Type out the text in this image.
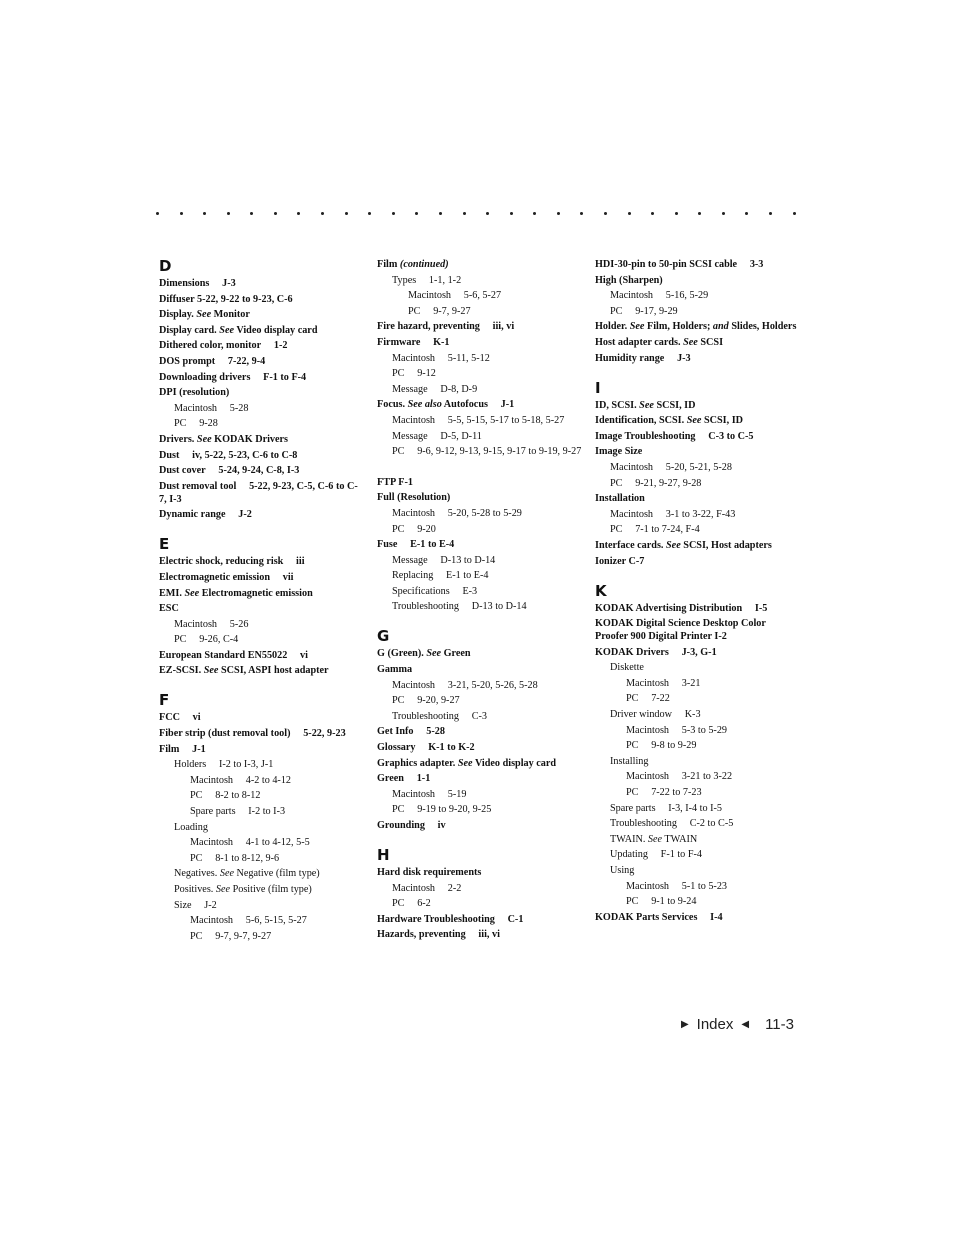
D
Dimensions  J-3
Diffuser 5-22, 9-22 to 9-23, C-6
Display. See Monitor
Display card. See Video display card
Dithered color, monitor  1-2
DOS prompt  7-22, 9-4
Downloading drivers  F-1 to F-4
DPI (resolution)
Macintosh  5-28
PC  9-28
Drivers. See KODAK Drivers
Dust  iv, 5-22, 5-23, C-6 to C-8
Dust cover  5-24, 9-24, C-8, I-3
Dust removal tool  5-22, 9-23, C-5, C-6 to C-7, I-3
Dynamic range  J-2
E
Electric shock, reducing risk  iii
Electromagnetic emission  vii
EMI. See Electromagnetic emission
ESC
Macintosh  5-26
PC  9-26, C-4
European Standard EN55022  vi
EZ-SCSI. See SCSI, ASPI host adapter
F
FCC  vi
Fiber strip (dust removal tool)  5-22, 9-23
Film  J-1
Holders  I-2 to I-3, J-1
Macintosh  4-2 to 4-12
PC  8-2 to 8-12
Spare parts  I-2 to I-3
Loading
Macintosh  4-1 to 4-12, 5-5
PC  8-1 to 8-12, 9-6
Negatives. See Negative (film type)
Positives. See Positive (film type)
Size  J-2
Macintosh  5-6, 5-15, 5-27
PC  9-7, 9-7, 9-27
Film (continued)
Types  1-1, 1-2
Macintosh  5-6, 5-27
PC  9-7, 9-27
Fire hazard, preventing  iii, vi
Firmware  K-1
Macintosh  5-11, 5-12
PC  9-12
Message  D-8, D-9
Focus. See also Autofocus  J-1
Macintosh  5-5, 5-15, 5-17 to 5-18, 5-27
Message  D-5, D-11
PC  9-6, 9-12, 9-13, 9-15, 9-17 to 9-19, 9-27
FTP F-1
Full (Resolution)
Macintosh  5-20, 5-28 to 5-29
PC  9-20
Fuse  E-1 to E-4
Message  D-13 to D-14
Replacing  E-1 to E-4
Specifications  E-3
Troubleshooting  D-13 to D-14
G
G (Green). See Green
Gamma
Macintosh  3-21, 5-20, 5-26, 5-28
PC  9-20, 9-27
Troubleshooting  C-3
Get Info  5-28
Glossary  K-1 to K-2
Graphics adapter. See Video display card
Green  1-1
Macintosh  5-19
PC  9-19 to 9-20, 9-25
Grounding  iv
H
Hard disk requirements
Macintosh  2-2
PC  6-2
Hardware Troubleshooting  C-1
Hazards, preventing  iii, vi
HDI-30-pin to 50-pin SCSI cable  3-3
High (Sharpen)
Macintosh  5-16, 5-29
PC  9-17, 9-29
Holder. See Film, Holders; and Slides, Holders
Host adapter cards. See SCSI
Humidity range  J-3
I
ID, SCSI. See SCSI, ID
Identification, SCSI. See SCSI, ID
Image Troubleshooting  C-3 to C-5
Image Size
Macintosh  5-20, 5-21, 5-28
PC  9-21, 9-27, 9-28
Installation
Macintosh  3-1 to 3-22, F-43
PC  7-1 to 7-24, F-4
Interface cards. See SCSI, Host adapters
Ionizer C-7
K
KODAK Advertising Distribution  I-5
KODAK Digital Science Desktop Color Proofer 900 Digital Printer I-2
KODAK Drivers  J-3, G-1
Diskette
Macintosh  3-21
PC  7-22
Driver window  K-3
Macintosh  5-3 to 5-29
PC  9-8 to 9-29
Installing
Macintosh  3-21 to 3-22
PC  7-22 to 7-23
Spare parts  I-3, I-4 to I-5
Troubleshooting  C-2 to C-5
TWAIN. See TWAIN
Updating  F-1 to F-4
Using
Macintosh  5-1 to 5-23
PC  9-1 to 9-24
KODAK Parts Services  I-4
▶ Index ◀ 11-3
